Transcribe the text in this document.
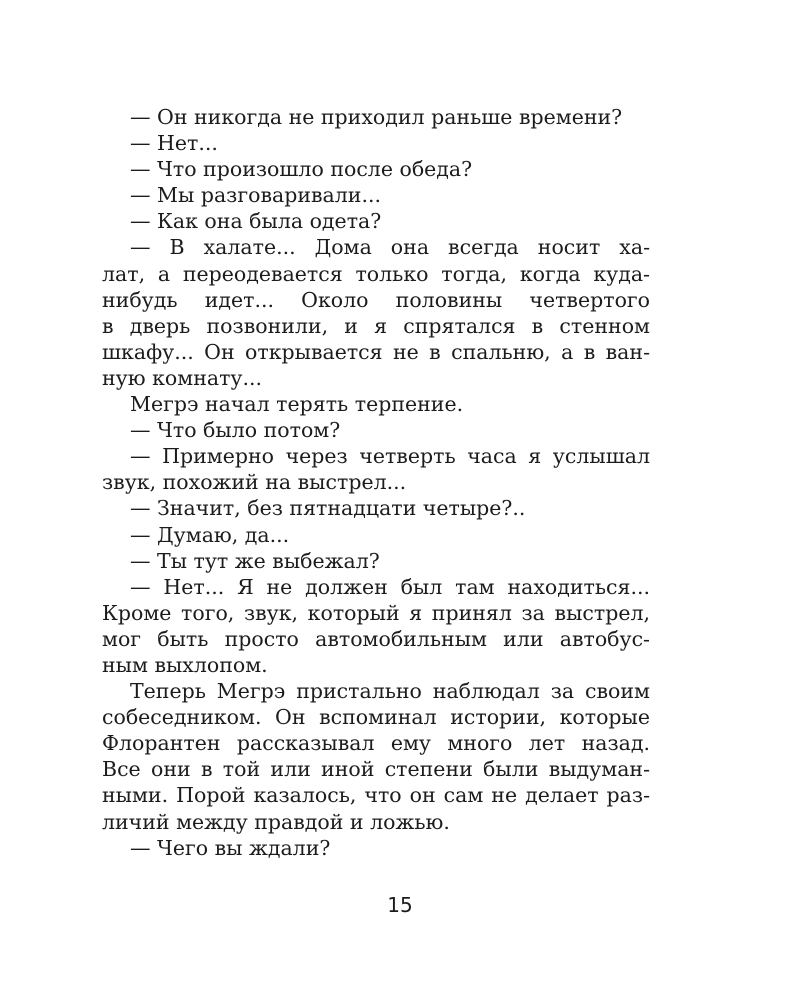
— Он никогда не приходил раньше времени?
— Нет...
— Что произошло после обеда?
— Мы разговаривали...
— Как она была одета?
— В халате... Дома она всегда носит ха-
лат, а переодевается только тогда, когда куда-
нибудь идет... Около половины четвертого
в дверь позвонили, и я спрятался в стенном
шкафу... Он открывается не в спальню, а в ван-
ную комнату...
Мегрэ начал терять терпение.
— Что было потом?
— Примерно через четверть часа я услышал
звук, похожий на выстрел...
— Значит, без пятнадцати четыре?..
— Думаю, да...
— Ты тут же выбежал?
— Нет... Я не должен был там находиться...
Кроме того, звук, который я принял за выстрел,
мог быть просто автомобильным или автобус-
ным выхлопом.
Теперь Мегрэ пристально наблюдал за своим
собеседником. Он вспоминал истории, которые
Флорантен рассказывал ему много лет назад.
Все они в той или иной степени были выдуман-
ными. Порой казалось, что он сам не делает раз-
личий между правдой и ложью.
— Чего вы ждали?
15
